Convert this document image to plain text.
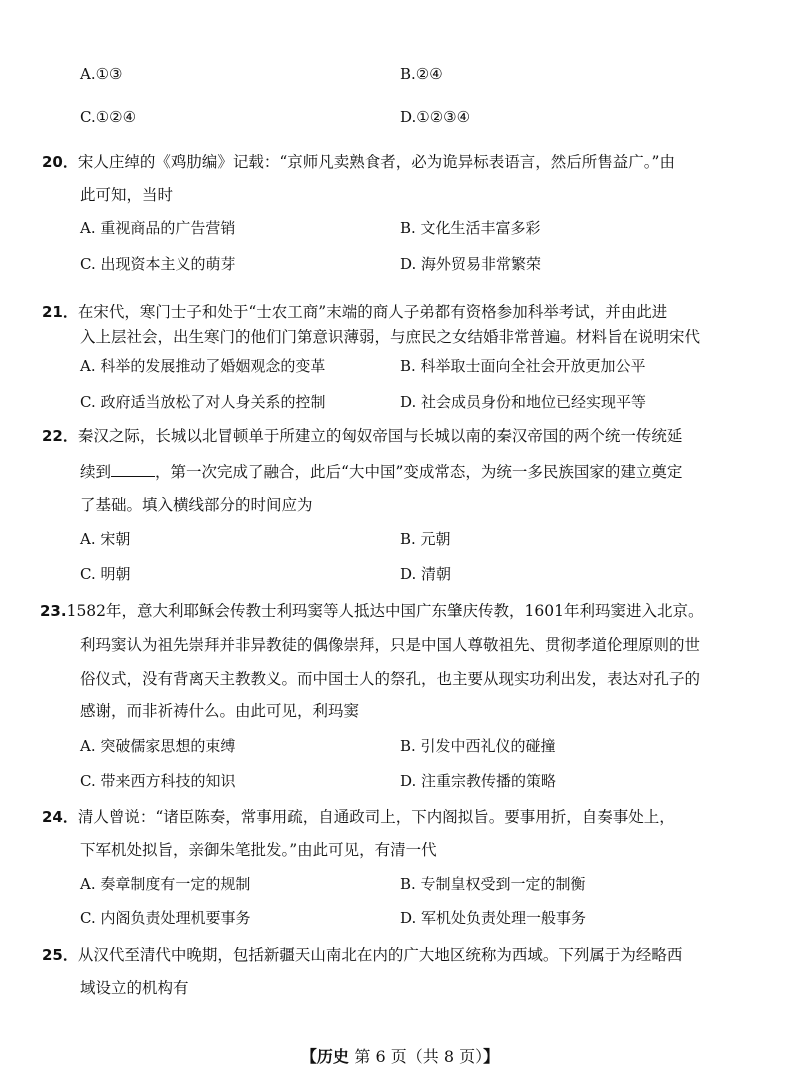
A.①③	B.②④
C.①②④	D.①②③④
20．宋人庄绰的《鸡肋编》记载：“京师凡卖熟食者，必为诡异标表语言，然后所售益广。”由
此可知，当时
A. 重视商品的广告营销	B. 文化生活丰富多彩
C. 出现资本主义的萌芽	D. 海外贸易非常繁荣
21．在宋代，寒门士子和处于“士农工商”末端的商人子弟都有资格参加科举考试，并由此进
入上层社会，出生寒门的他们门第意识薄弱，与庶民之女结婚非常普遍。材料旨在说明宋代
A. 科举的发展推动了婚姻观念的变革	B. 科举取士面向全社会开放更加公平
C. 政府适当放松了对人身关系的控制	D. 社会成员身份和地位已经实现平等
22．秦汉之际，长城以北冒顿单于所建立的匈奴帝国与长城以南的秦汉帝国的两个统一传统延
续到	，第一次完成了融合，此后“大中国”变成常态，为统一多民族国家的建立奠定
了基础。填入横线部分的时间应为
A. 宋朝	B. 元朝
C. 明朝	D. 清朝
23.1582年，意大利耶稣会传教士利玛窦等人抵达中国广东肇庆传教，1601年利玛窦进入北京。
利玛窦认为祖先崇拜并非异教徒的偶像崇拜，只是中国人尊敬祖先、贯彻孝道伦理原则的世
俗仪式，没有背离天主教教义。而中国士人的祭孔，也主要从现实功利出发，表达对孔子的
感谢，而非祈祷什么。由此可见，利玛窦
A. 突破儒家思想的束缚	B. 引发中西礼仪的碰撞
C. 带来西方科技的知识	D. 注重宗教传播的策略
24．清人曾说：“诸臣陈奏，常事用疏，自通政司上，下内阁拟旨。要事用折，自奏事处上，
下军机处拟旨，亲御朱笔批发。”由此可见，有清一代
A. 奏章制度有一定的规制	B. 专制皇权受到一定的制衡
C. 内阁负责处理机要事务	D. 军机处负责处理一般事务
25．从汉代至清代中晚期，包括新疆天山南北在内的广大地区统称为西域。下列属于为经略西
域设立的机构有
【历史 第 6 页（共 8 页）】
